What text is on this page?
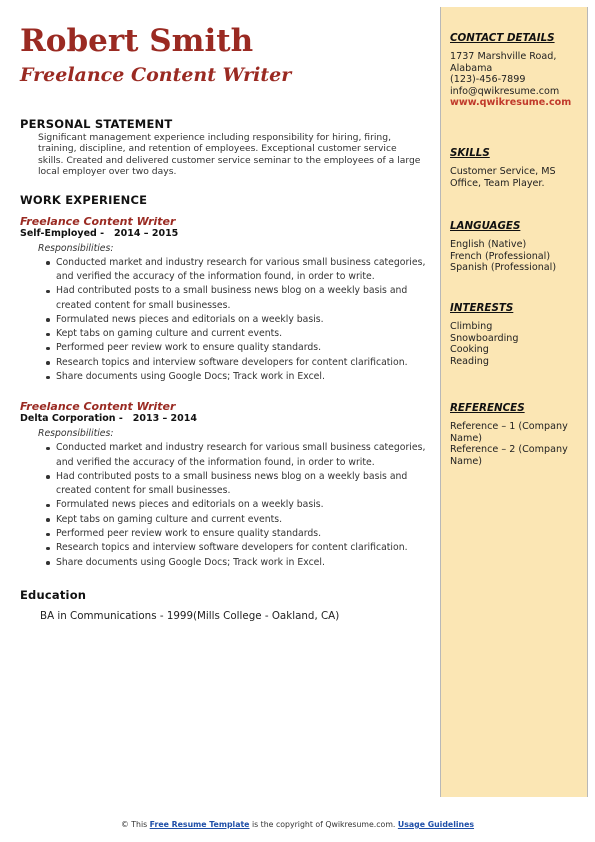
Robert Smith
Freelance Content Writer
PERSONAL STATEMENT

Significant management experience including responsibility for hiring, firing, training, discipline, and retention of employees. Exceptional customer service skills. Created and delivered customer service seminar to the employees of a large local employer over two days.

WORK EXPERIENCE
Freelance Content Writer
Self-Employed - 2014 – 2015
Responsibilities:
Conducted market and industry research for various small business categories, and verified the accuracy of the information found, in order to write.
Had contributed posts to a small business news blog on a weekly basis and created content for small businesses.
Formulated news pieces and editorials on a weekly basis.
Kept tabs on gaming culture and current events.
Performed peer review work to ensure quality standards.
Research topics and interview software developers for content clarification.
Share documents using Google Docs; Track work in Excel.
Freelance Content Writer
Delta Corporation - 2013 – 2014
Responsibilities:
Conducted market and industry research for various small business categories, and verified the accuracy of the information found, in order to write.
Had contributed posts to a small business news blog on a weekly basis and created content for small businesses.
Formulated news pieces and editorials on a weekly basis.
Kept tabs on gaming culture and current events.
Performed peer review work to ensure quality standards.
Research topics and interview software developers for content clarification.
Share documents using Google Docs; Track work in Excel.
Education
BA in Communications - 1999(Mills College - Oakland, CA)
CONTACT DETAILS
1737 Marshville Road, Alabama
(123)-456-7899
info@qwikresume.com
www.qwikresume.com
SKILLS
Customer Service, MS Office, Team Player.
LANGUAGES
English (Native)
French (Professional)
Spanish (Professional)
INTERESTS
Climbing
Snowboarding
Cooking
Reading
REFERENCES
Reference – 1 (Company Name)
Reference – 2 (Company Name)
© This Free Resume Template is the copyright of Qwikresume.com. Usage Guidelines
